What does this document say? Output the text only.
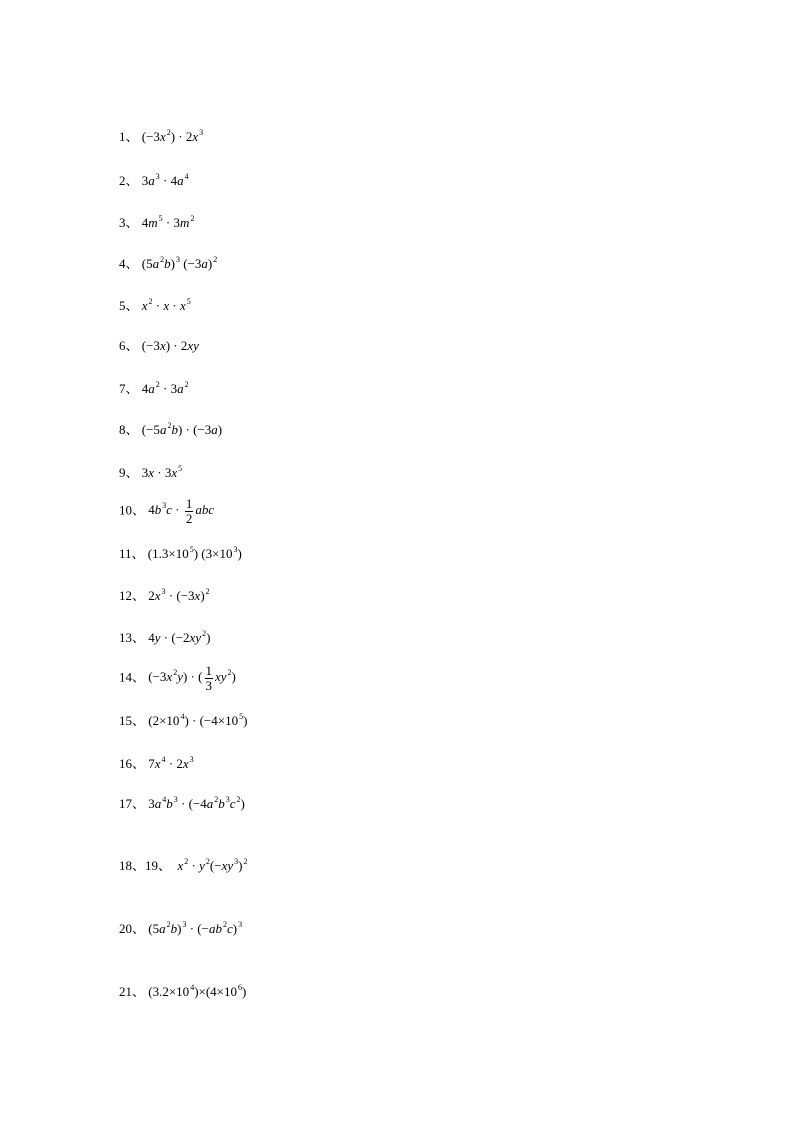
1、 $(-3x^2) \cdot 2x^3$
2、 $3a^3 \cdot 4a^4$
3、 $4m^5 \cdot 3m^2$
4、 $(5a^2b)^3$ $(-3a)^2$
5、 $x^2 \cdot x \cdot x^5$
6、 (−3x) · 2xy
7、 $4a^2 \cdot 3a^2$
8、 $(-5a^2b) \cdot (-3a)$
9、 $3x \cdot 3x^5$
10、 $4b^3c \cdot \frac{1}{2}$ abc
11、 $(1.3\times 10^5)$ $(3\times 10^3)$
12、 $2x^3 \cdot (-3x)^2$
13、 $4y \cdot (-2xy^2)$
14、 $(-3x^2y)$ · ( $\frac{1}{3} xy^2$)
15、 $(2\times 10^4) \cdot (-4\times 10^5)$
16、 $7x^4 \cdot 2x^3$
17、 $3a^4b^3 \cdot (-4a^2b^3c^2)$
18、19、 $x^2 \cdot y^2(-xy^3)^2$
20、 $(5a^2b)^3 \cdot (-ab^2c)^3$
21、 $(3.2\times 10^4)\times(4\times 10^6)$
